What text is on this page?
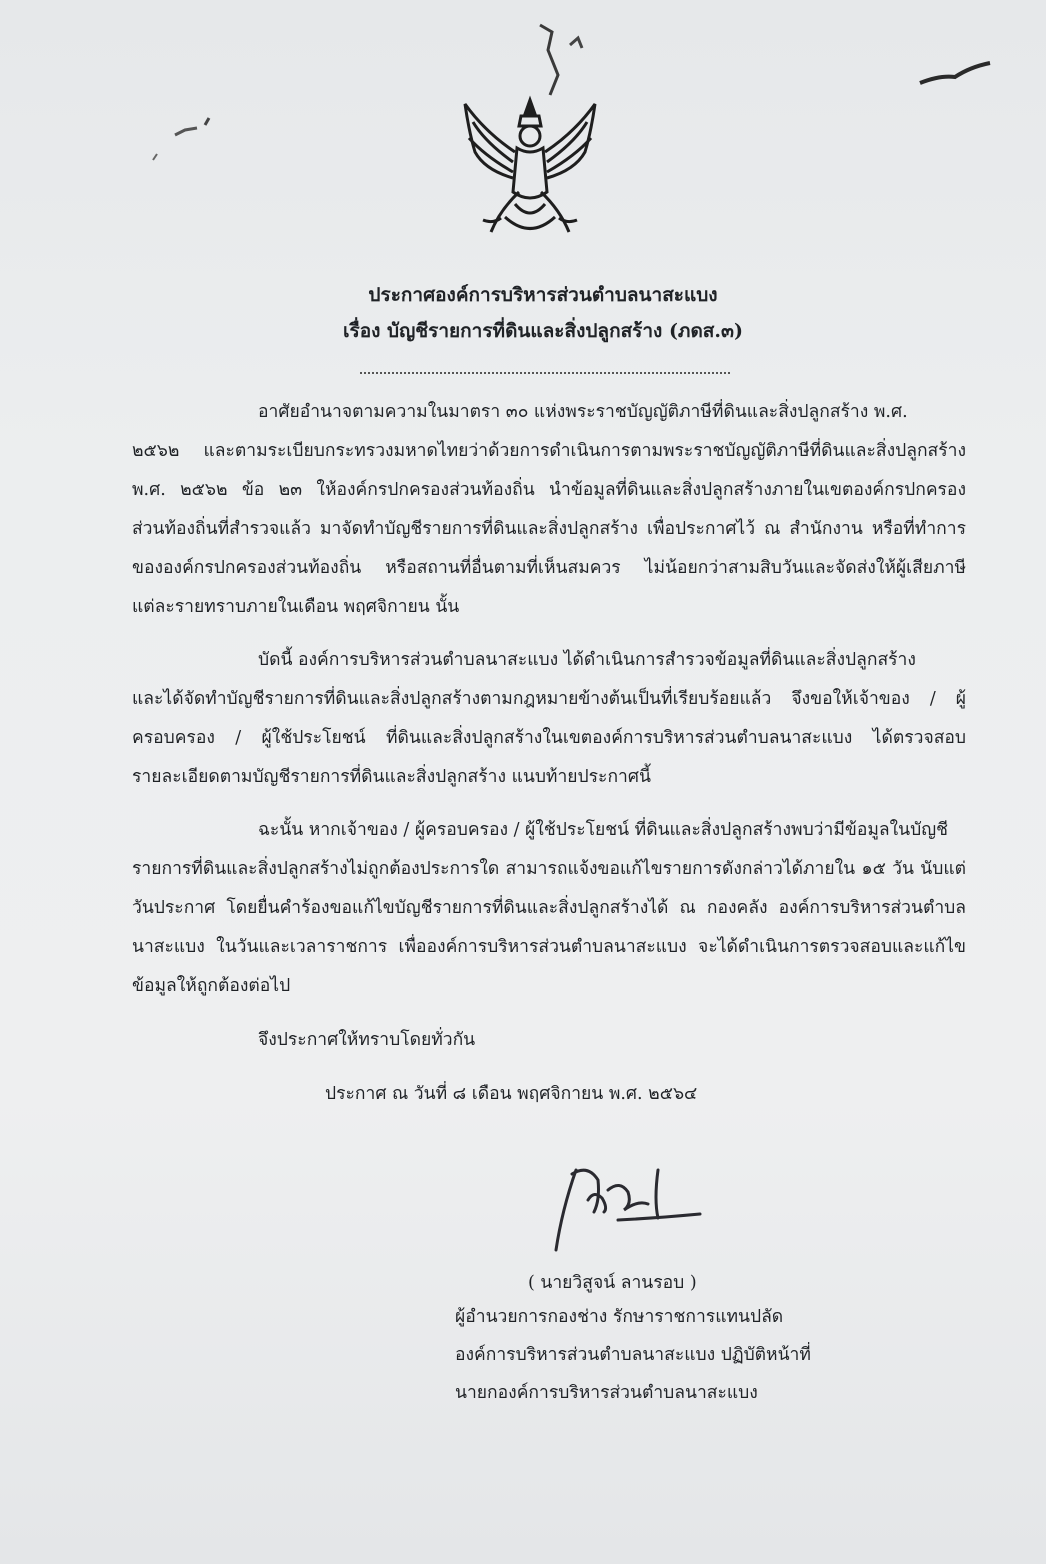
ประกาศองค์การบริหารส่วนตำบลนาสะแบง
เรื่อง บัญชีรายการที่ดินและสิ่งปลูกสร้าง (ภดส.๓)
อาศัยอำนาจตามความในมาตรา ๓๐ แห่งพระราชบัญญัติภาษีที่ดินและสิ่งปลูกสร้าง พ.ศ.
๒๕๖๒ และตามระเบียบกระทรวงมหาดไทยว่าด้วยการดำเนินการตามพระราชบัญญัติภาษีที่ดินและสิ่งปลูกสร้าง
พ.ศ. ๒๕๖๒ ข้อ ๒๓ ให้องค์กรปกครองส่วนท้องถิ่น นำข้อมูลที่ดินและสิ่งปลูกสร้างภายในเขตองค์กรปกครอง
ส่วนท้องถิ่นที่สำรวจแล้ว มาจัดทำบัญชีรายการที่ดินและสิ่งปลูกสร้าง เพื่อประกาศไว้ ณ สำนักงาน หรือที่ทำการ
ขององค์กรปกครองส่วนท้องถิ่น หรือสถานที่อื่นตามที่เห็นสมควร ไม่น้อยกว่าสามสิบวันและจัดส่งให้ผู้เสียภาษี
แต่ละรายทราบภายในเดือน พฤศจิกายน นั้น
บัดนี้ องค์การบริหารส่วนตำบลนาสะแบง ได้ดำเนินการสำรวจข้อมูลที่ดินและสิ่งปลูกสร้าง
และได้จัดทำบัญชีรายการที่ดินและสิ่งปลูกสร้างตามกฎหมายข้างต้นเป็นที่เรียบร้อยแล้ว จึงขอให้เจ้าของ / ผู้
ครอบครอง / ผู้ใช้ประโยชน์ ที่ดินและสิ่งปลูกสร้างในเขตองค์การบริหารส่วนตำบลนาสะแบง ได้ตรวจสอบ
รายละเอียดตามบัญชีรายการที่ดินและสิ่งปลูกสร้าง แนบท้ายประกาศนี้
ฉะนั้น หากเจ้าของ / ผู้ครอบครอง / ผู้ใช้ประโยชน์ ที่ดินและสิ่งปลูกสร้างพบว่ามีข้อมูลในบัญชี
รายการที่ดินและสิ่งปลูกสร้างไม่ถูกต้องประการใด สามารถแจ้งขอแก้ไขรายการดังกล่าวได้ภายใน ๑๕ วัน นับแต่
วันประกาศ โดยยื่นคำร้องขอแก้ไขบัญชีรายการที่ดินและสิ่งปลูกสร้างได้ ณ กองคลัง องค์การบริหารส่วนตำบล
นาสะแบง ในวันและเวลาราชการ เพื่อองค์การบริหารส่วนตำบลนาสะแบง จะได้ดำเนินการตรวจสอบและแก้ไข
ข้อมูลให้ถูกต้องต่อไป
จึงประกาศให้ทราบโดยทั่วกัน
ประกาศ ณ วันที่ ๘ เดือน พฤศจิกายน พ.ศ. ๒๕๖๔
( นายวิสูจน์ ลานรอบ )
ผู้อำนวยการกองช่าง รักษาราชการแทนปลัด
องค์การบริหารส่วนตำบลนาสะแบง ปฏิบัติหน้าที่
นายกองค์การบริหารส่วนตำบลนาสะแบง
